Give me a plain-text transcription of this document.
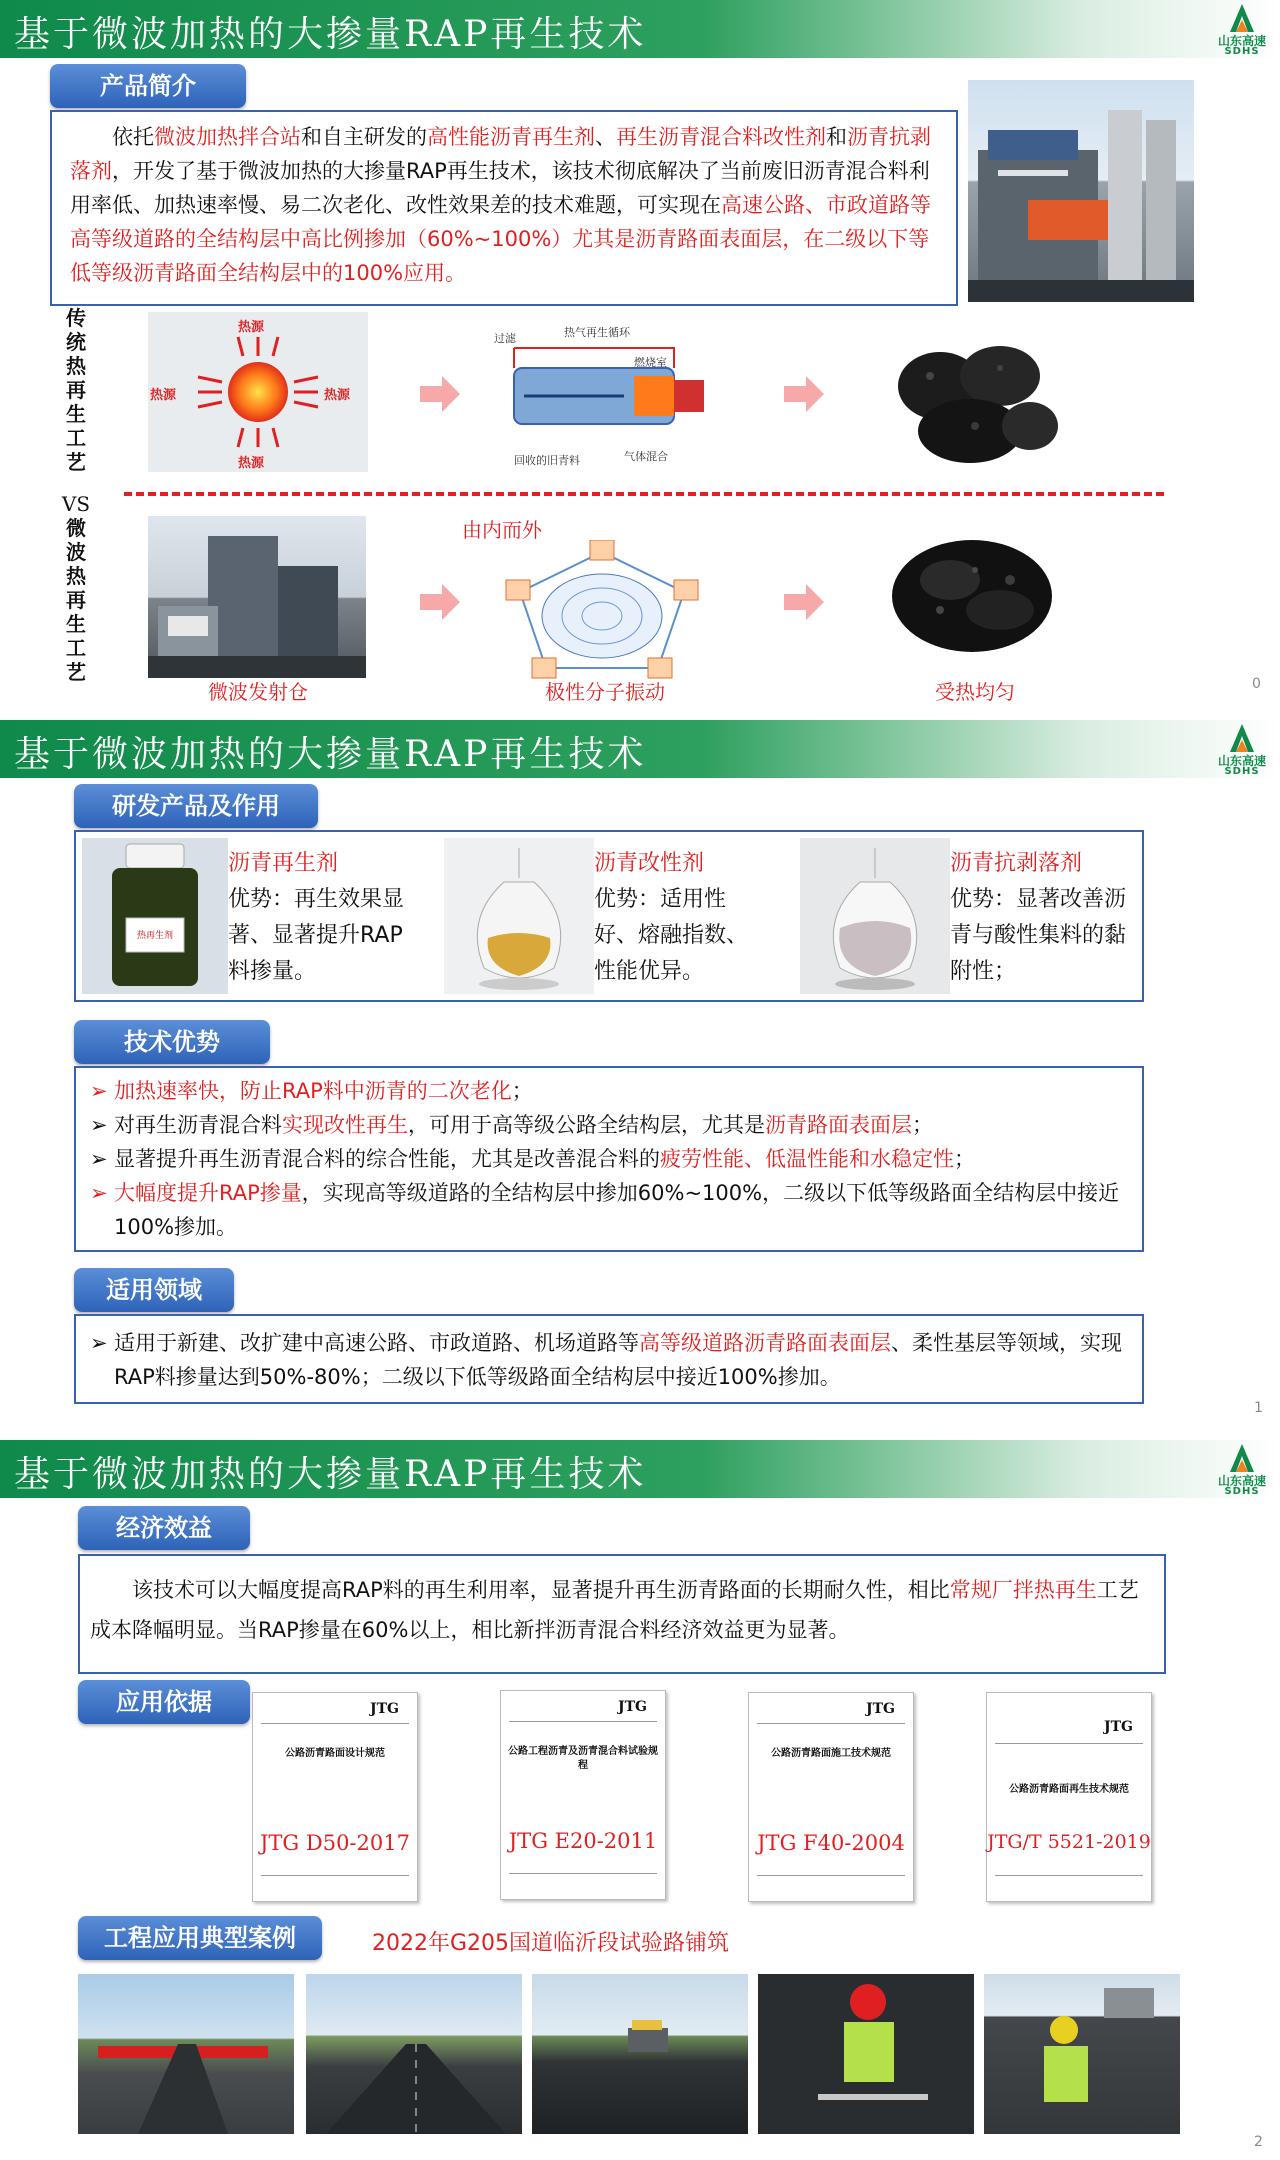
基于微波加热的大掺量RAP再生技术	山东高速
SDHS
产品简介
依托微波加热拌合站和自主研发的高性能沥青再生剂、再生沥青混合料改性剂和沥青抗剥落剂，开发了基于微波加热的大掺量RAP再生技术，该技术彻底解决了当前废旧沥青混合料利用率低、加热速率慢、易二次老化、改性效果差的技术难题，可实现在高速公路、市政道路等高等级道路的全结构层中高比例掺加（60%~100%）尤其是沥青路面表面层，在二级以下等低等级沥青路面全结构层中的100%应用。
传统热再生工艺
VS
微波热再生工艺
热源
热源
热源	热源
过滤	热气再生循环
燃烧室
回收的旧青料	气体混合
微波发射仓
由内而外
极性分子振动	受热均匀	0
基于微波加热的大掺量RAP再生技术	山东高速
SDHS
研发产品及作用
热再生剂
沥青再生剂
优势：再生效果显著、显著提升RAP料掺量。
沥青改性剂
优势：适用性好、熔融指数、性能优异。
沥青抗剥落剂
优势：显著改善沥青与酸性集料的黏附性；
技术优势
➢ 加热速率快，防止RAP料中沥青的二次老化；
➢ 对再生沥青混合料实现改性再生，可用于高等级公路全结构层，尤其是沥青路面表面层；
➢ 显著提升再生沥青混合料的综合性能，尤其是改善混合料的疲劳性能、低温性能和水稳定性；
➢ 大幅度提升RAP掺量，实现高等级道路的全结构层中掺加60%~100%，二级以下低等级路面全结构层中接近100%掺加。
适用领域
➢ 适用于新建、改扩建中高速公路、市政道路、机场道路等高等级道路沥青路面表面层、柔性基层等领域，实现RAP料掺量达到50%-80%；二级以下低等级路面全结构层中接近100%掺加。
1
基于微波加热的大掺量RAP再生技术	山东高速
SDHS
经济效益
该技术可以大幅度提高RAP料的再生利用率，显著提升再生沥青路面的长期耐久性，相比常规厂拌热再生工艺成本降幅明显。当RAP掺量在60%以上，相比新拌沥青混合料经济效益更为显著。
应用依据	JTG
公路沥青路面设计规范
JTG D50-2017
JTG
公路工程沥青及沥青混合料试验规程
JTG E20-2011
JTG
公路沥青路面施工技术规范
JTG F40-2004
JTG
公路沥青路面再生技术规范
JTG/T 5521-2019
工程应用典型案例	2022年G205国道临沂段试验路铺筑
2
